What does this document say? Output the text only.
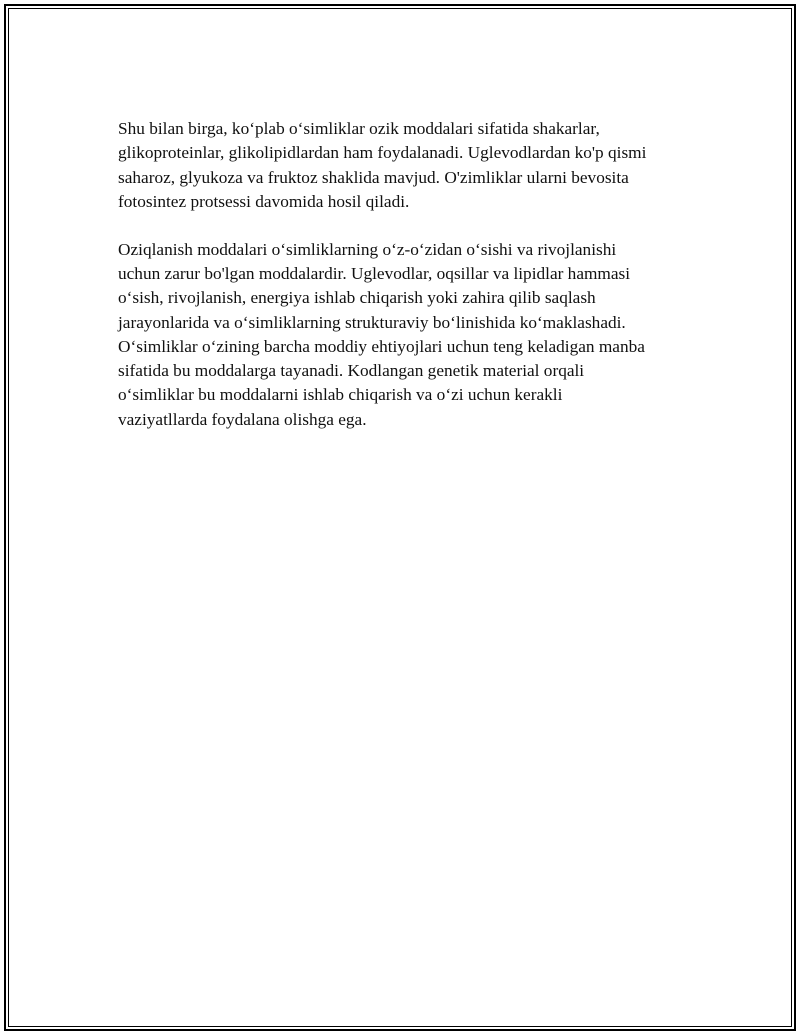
Shu bilan birga, ko‘plab o‘simliklar ozik moddalari sifatida shakarlar,
glikoproteinlar, glikolipidlardan ham foydalanadi. Uglevodlardan ko'p qismi
saharoz, glyukoza va fruktoz shaklida mavjud. O'zimliklar ularni bevosita
fotosintez protsessi davomida hosil qiladi.

Oziqlanish moddalari o‘simliklarning o‘z-o‘zidan o‘sishi va rivojlanishi
uchun zarur bo'lgan moddalardir. Uglevodlar, oqsillar va lipidlar hammasi
o‘sish, rivojlanish, energiya ishlab chiqarish yoki zahira qilib saqlash
jarayonlarida va o‘simliklarning strukturaviy bo‘linishida ko‘maklashadi.
O‘simliklar o‘zining barcha moddiy ehtiyojlari uchun teng keladigan manba
sifatida bu moddalarga tayanadi. Kodlangan genetik material orqali
o‘simliklar bu moddalarni ishlab chiqarish va o‘zi uchun kerakli
vaziyatllarda foydalana olishga ega.
